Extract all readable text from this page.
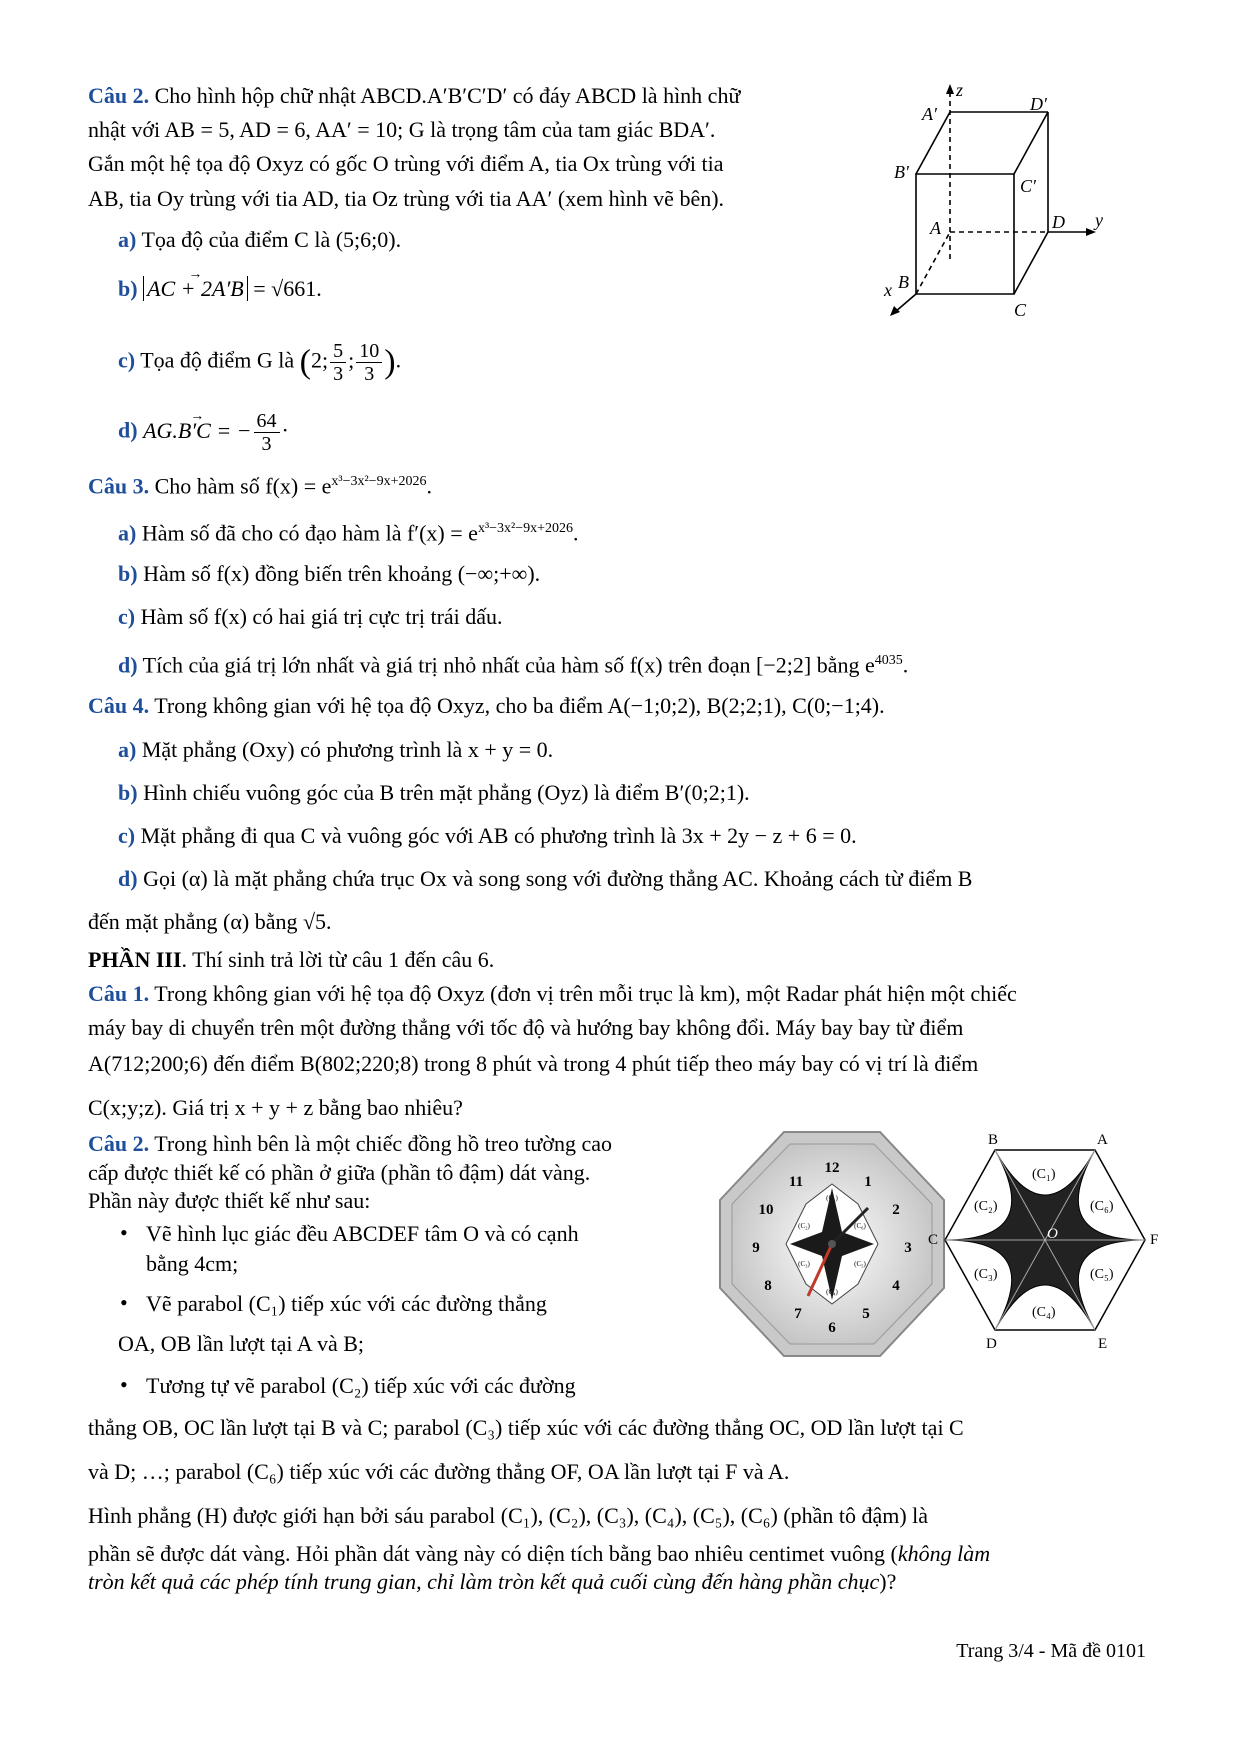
Câu 2. Cho hình hộp chữ nhật ABCD.A′B′C′D′ có đáy ABCD là hình chữ
nhật với AB = 5, AD = 6, AA′ = 10; G là trọng tâm của tam giác BDA′.
Gắn một hệ tọa độ Oxyz có gốc O trùng với điểm A, tia Ox trùng với tia
AB, tia Oy trùng với tia AD, tia Oz trùng với tia AA′ (xem hình vẽ bên).
a) Tọa độ của điểm C là (5;6;0).
b) → AC + 2A′B = √661.
c) Tọa độ điểm G là (2; $\frac{5}{3}$ ; $\frac{10}{3}$ ).
d) → AG.B′C = − $\frac{64}{3}$ ·
z
y
x
A′	D′
B′
C′
A	D
B
C
Câu 3. Cho hàm số $f(x) = e^{x^3-3x^2-9x+2026}$.
a) Hàm số đã cho có đạo hàm là $f'(x) = e^{x^3-3x^2-9x+2026}$.
b) Hàm số f(x) đồng biến trên khoảng (−∞;+∞).
c) Hàm số f(x) có hai giá trị cực trị trái dấu.
d) Tích của giá trị lớn nhất và giá trị nhỏ nhất của hàm số f(x) trên đoạn [−2;2] bằng $e^{4035}$.
Câu 4. Trong không gian với hệ tọa độ Oxyz, cho ba điểm A(−1;0;2), B(2;2;1), C(0;−1;4).
a) Mặt phẳng (Oxy) có phương trình là x + y = 0.
b) Hình chiếu vuông góc của B trên mặt phẳng (Oyz) là điểm B′(0;2;1).
c) Mặt phẳng đi qua C và vuông góc với AB có phương trình là 3x + 2y − z + 6 = 0.
d) Gọi (α) là mặt phẳng chứa trục Ox và song song với đường thẳng AC. Khoảng cách từ điểm B
đến mặt phẳng (α) bằng √5.
PHẦN III. Thí sinh trả lời từ câu 1 đến câu 6.
Câu 1. Trong không gian với hệ tọa độ Oxyz (đơn vị trên mỗi trục là km), một Radar phát hiện một chiếc
máy bay di chuyển trên một đường thẳng với tốc độ và hướng bay không đổi. Máy bay bay từ điểm
A(712;200;6) đến điểm B(802;220;8) trong 8 phút và trong 4 phút tiếp theo máy bay có vị trí là điểm
C(x;y;z). Giá trị x + y + z bằng bao nhiêu?
Câu 2. Trong hình bên là một chiếc đồng hồ treo tường cao
cấp được thiết kế có phần ở giữa (phần tô đậm) dát vàng.
Phần này được thiết kế như sau:
• Vẽ hình lục giác đều ABCDEF tâm O và có cạnh
bằng 4cm;
• Vẽ parabol (C₁) tiếp xúc với các đường thẳng
OA, OB lần lượt tại A và B;
• Tương tự vẽ parabol (C₂) tiếp xúc với các đường
thẳng OB, OC lần lượt tại B và C; parabol (C₃) tiếp xúc với các đường thẳng OC, OD lần lượt tại C
và D; …; parabol (C₆) tiếp xúc với các đường thẳng OF, OA lần lượt tại F và A.
Hình phẳng (H) được giới hạn bởi sáu parabol (C₁), (C₂), (C₃), (C₄), (C₅), (C₆) (phần tô đậm) là
phần sẽ được dát vàng. Hỏi phần dát vàng này có diện tích bằng bao nhiêu centimet vuông (không làm
tròn kết quả các phép tính trung gian, chỉ làm tròn kết quả cuối cùng đến hàng phần chục)?
12
1
2
3
4
5
6
7
8
9
10
11
(C₁)
(C₂)
(C₃)
(C₄)
(C₅)
(C₆)
B	A
C	F
D	E
O
(C₁)
(C₂)
(C₃)
(C₄)
(C₅)
(C₆)
Trang 3/4 - Mã đề 0101
